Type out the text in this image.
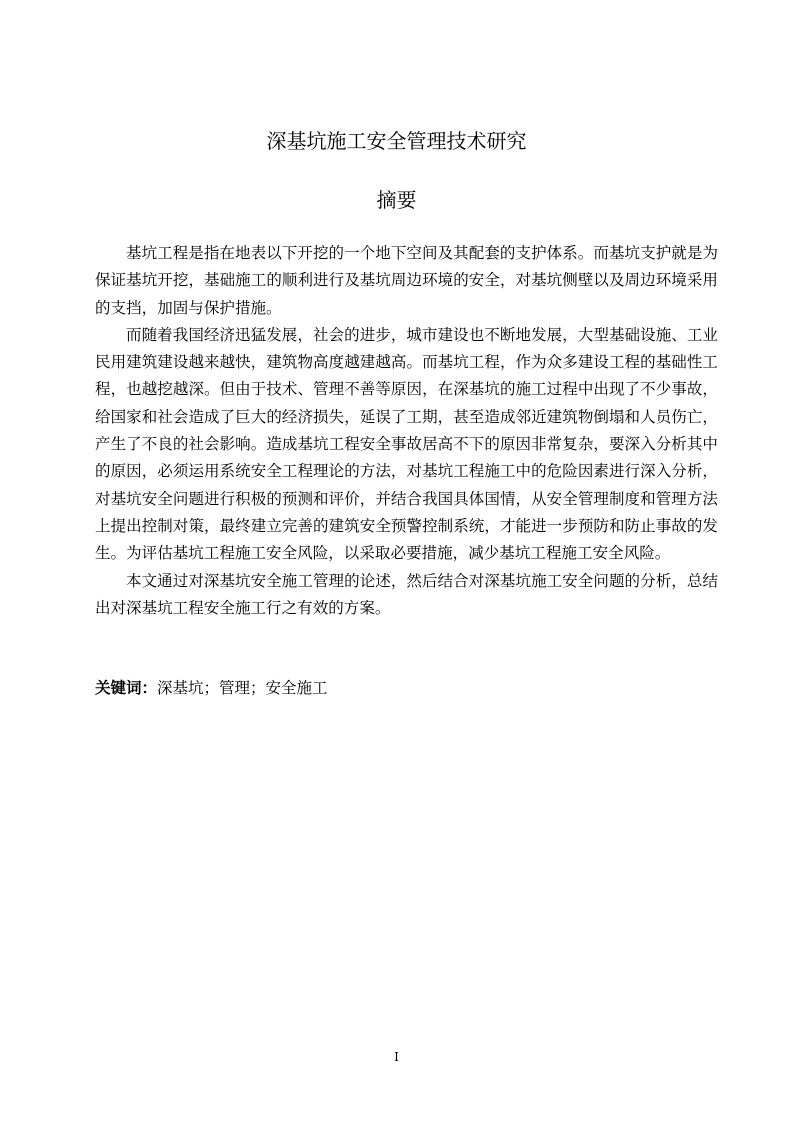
深基坑施工安全管理技术研究
摘要

基坑工程是指在地表以下开挖的一个地下空间及其配套的支护体系。而基坑支护就是为保证基坑开挖，基础施工的顺利进行及基坑周边环境的安全，对基坑侧壁以及周边环境采用的支挡，加固与保护措施。

而随着我国经济迅猛发展，社会的进步，城市建设也不断地发展，大型基础设施、工业民用建筑建设越来越快，建筑物高度越建越高。而基坑工程，作为众多建设工程的基础性工程，也越挖越深。但由于技术、管理不善等原因，在深基坑的施工过程中出现了不少事故，给国家和社会造成了巨大的经济损失，延误了工期，甚至造成邻近建筑物倒塌和人员伤亡，产生了不良的社会影响。造成基坑工程安全事故居高不下的原因非常复杂，要深入分析其中的原因，必须运用系统安全工程理论的方法，对基坑工程施工中的危险因素进行深入分析，对基坑安全问题进行积极的预测和评价，并结合我国具体国情，从安全管理制度和管理方法上提出控制对策，最终建立完善的建筑安全预警控制系统，才能进一步预防和防止事故的发生。为评估基坑工程施工安全风险，以采取必要措施，减少基坑工程施工安全风险。

本文通过对深基坑安全施工管理的论述，然后结合对深基坑施工安全问题的分析，总结出对深基坑工程安全施工行之有效的方案。

关键词：深基坑；管理；安全施工

I
